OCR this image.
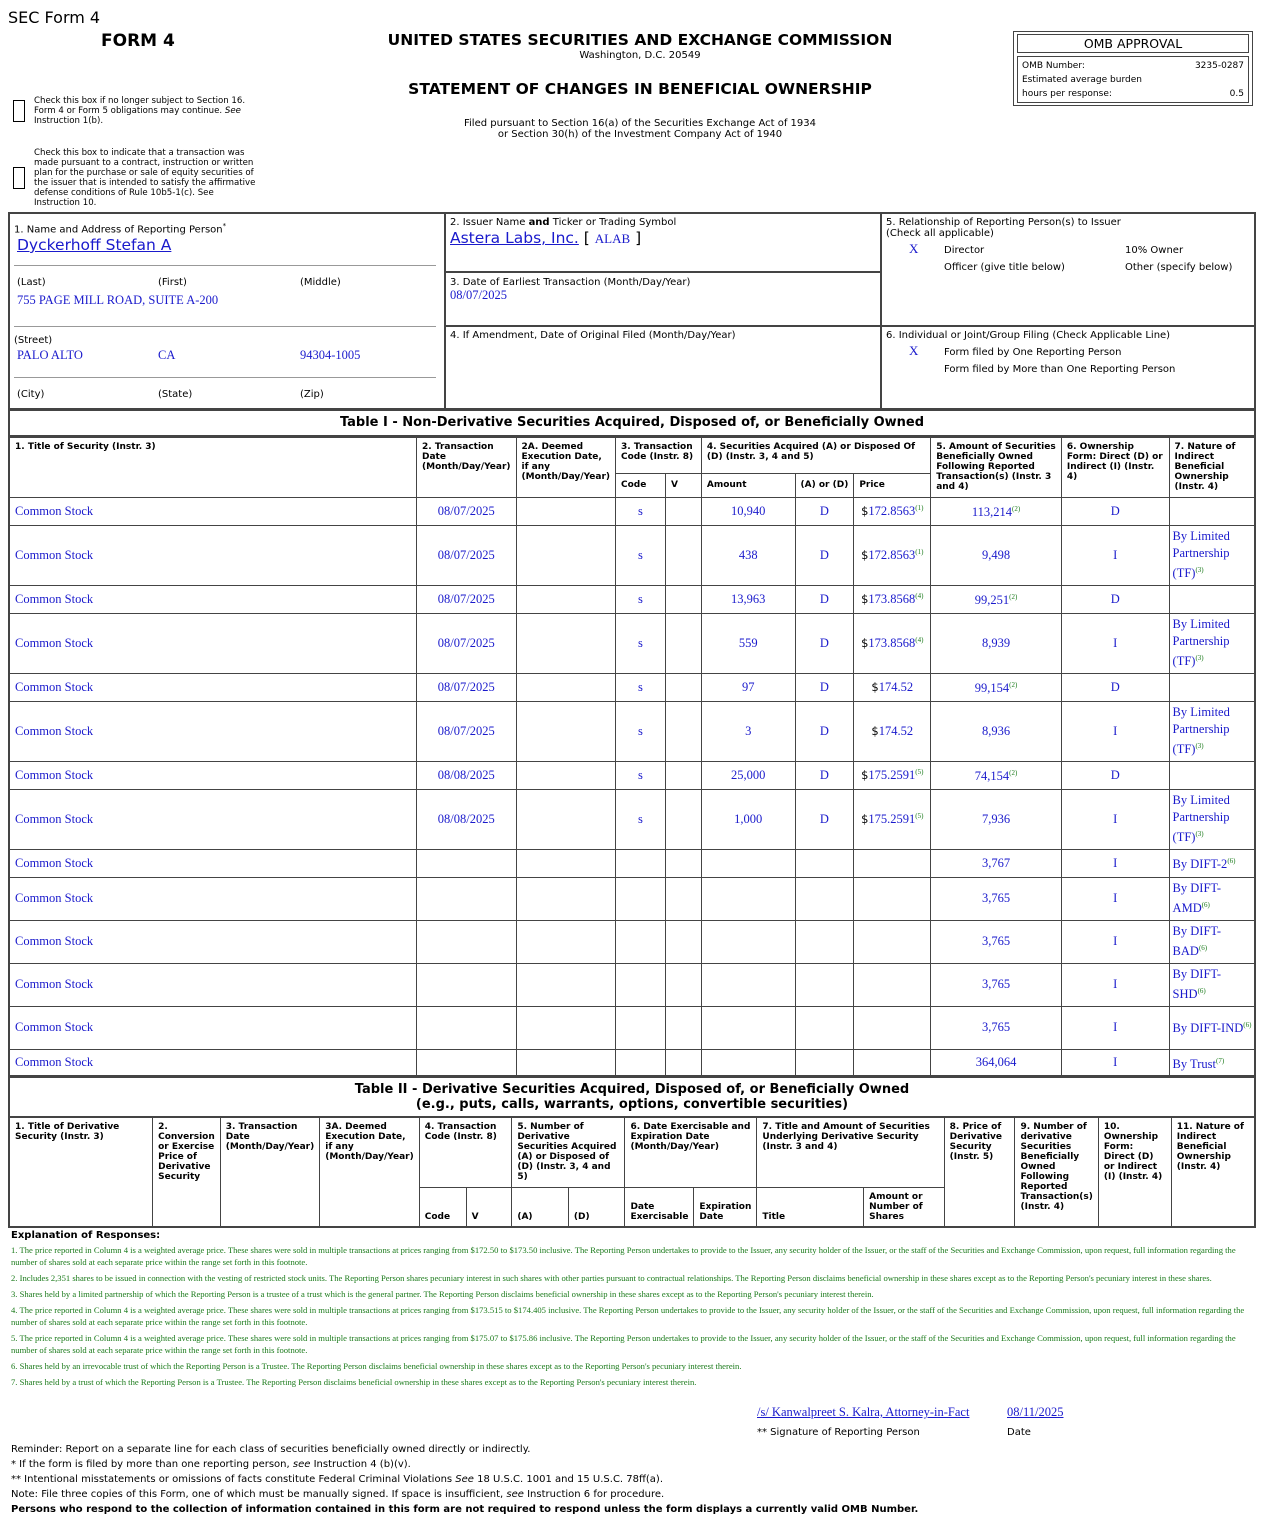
SEC Form 4
FORM 4	UNITED STATES SECURITIES AND EXCHANGE COMMISSION
Washington, D.C. 20549
STATEMENT OF CHANGES IN BENEFICIAL OWNERSHIP
Filed pursuant to Section 16(a) of the Securities Exchange Act of 1934
or Section 30(h) of the Investment Company Act of 1940
OMB APPROVAL
OMB Number:	3235-0287
Estimated average burden
hours per response:	0.5
Check this box if no longer subject to Section 16.
Form 4 or Form 5 obligations may continue. See
Instruction 1(b).
Check this box to indicate that a transaction was
made pursuant to a contract, instruction or written
plan for the purchase or sale of equity securities of
the issuer that is intended to satisfy the affirmative
defense conditions of Rule 10b5-1(c). See
Instruction 10.
1. Name and Address of Reporting Person*
Dyckerhoff Stefan A
(Last)	(First)	(Middle)
755 PAGE MILL ROAD, SUITE A-200
(Street)
PALO ALTO	CA	94304-1005
(City)	(State)	(Zip)
2. Issuer Name and Ticker or Trading Symbol
Astera Labs, Inc. [ ALAB ]
3. Date of Earliest Transaction (Month/Day/Year)
08/07/2025
4. If Amendment, Date of Original Filed (Month/Day/Year)
5. Relationship of Reporting Person(s) to Issuer
(Check all applicable)
X	Director	10% Owner
Officer (give title below)	Other (specify below)
6. Individual or Joint/Group Filing (Check Applicable Line)
X	Form filed by One Reporting Person
Form filed by More than One Reporting Person
Table I - Non-Derivative Securities Acquired, Disposed of, or Beneficially Owned
1. Title of Security (Instr. 3)	2. Transaction Date (Month/Day/Year)	2A. Deemed Execution Date, if any (Month/Day/Year)	3. Transaction Code (Instr. 8)		4. Securities Acquired (A) or Disposed Of (D) (Instr. 3, 4 and 5)			5. Amount of Securities Beneficially Owned Following Reported Transaction(s) (Instr. 3 and 4)	6. Ownership Form: Direct (D) or Indirect (I) (Instr. 4)	7. Nature of Indirect Beneficial Ownership (Instr. 4)
			Code	V	Amount	(A) or (D)	Price			
Common Stock	08/07/2025		s		10,940	D	$172.8563$^{(1)}$	113,214$^{(2)}$	D	
Common Stock	08/07/2025		s		438	D	$172.8563$^{(1)}$	9,498	I	By Limited Partnership (TF)$^{(3)}$
Common Stock	08/07/2025		s		13,963	D	$173.8568$^{(4)}$	99,251$^{(2)}$	D	
Common Stock	08/07/2025		s		559	D	$173.8568$^{(4)}$	8,939	I	By Limited Partnership (TF)$^{(3)}$
Common Stock	08/07/2025		s		97	D	$174.52	99,154$^{(2)}$	D	
Common Stock	08/07/2025		s		3	D	$174.52	8,936	I	By Limited Partnership (TF)$^{(3)}$
Common Stock	08/08/2025		s		25,000	D	$175.2591$^{(5)}$	74,154$^{(2)}$	D	
Common Stock	08/08/2025		s		1,000	D	$175.2591$^{(5)}$	7,936	I	By Limited Partnership (TF)$^{(3)}$
Common Stock								3,767	I	By DIFT-2$^{(6)}$
Common Stock								3,765	I	By DIFT-AMD$^{(6)}$
Common Stock								3,765	I	By DIFT-BAD$^{(6)}$
Common Stock								3,765	I	By DIFT-SHD$^{(6)}$
Common Stock								3,765	I	By DIFT-IND$^{(6)}$
Common Stock								364,064	I	By Trust$^{(7)}$
Table II - Derivative Securities Acquired, Disposed of, or Beneficially Owned
(e.g., puts, calls, warrants, options, convertible securities)
1. Title of Derivative Security (Instr. 3)	2. Conversion or Exercise Price of Derivative Security	3. Transaction Date (Month/Day/Year)	3A. Deemed Execution Date, if any (Month/Day/Year)	4. Transaction Code (Instr. 8)		5. Number of Derivative Securities Acquired (A) or Disposed of (D) (Instr. 3, 4 and 5)		6. Date Exercisable and Expiration Date (Month/Day/Year)		7. Title and Amount of Securities Underlying Derivative Security (Instr. 3 and 4)		8. Price of Derivative Security (Instr. 5)	9. Number of derivative Securities Beneficially Owned Following Reported Transaction(s) (Instr. 4)	10. Ownership Form: Direct (D) or Indirect (I) (Instr. 4)	11. Nature of Indirect Beneficial Ownership (Instr. 4)
				Code	V	(A)	(D)	Date Exercisable	Expiration Date	Title	Amount or Number of Shares				
Explanation of Responses:
1. The price reported in Column 4 is a weighted average price. These shares were sold in multiple transactions at prices ranging from $172.50 to $173.50 inclusive. The Reporting Person undertakes to provide to the Issuer, any security holder of the Issuer, or the staff of the Securities and Exchange Commission, upon request, full information regarding the number of shares sold at each separate price within the range set forth in this footnote.
2. Includes 2,351 shares to be issued in connection with the vesting of restricted stock units. The Reporting Person shares pecuniary interest in such shares with other parties pursuant to contractual relationships. The Reporting Person disclaims beneficial ownership in these shares except as to the Reporting Person's pecuniary interest in these shares.
3. Shares held by a limited partnership of which the Reporting Person is a trustee of a trust which is the general partner. The Reporting Person disclaims beneficial ownership in these shares except as to the Reporting Person's pecuniary interest therein.
4. The price reported in Column 4 is a weighted average price. These shares were sold in multiple transactions at prices ranging from $173.515 to $174.405 inclusive. The Reporting Person undertakes to provide to the Issuer, any security holder of the Issuer, or the staff of the Securities and Exchange Commission, upon request, full information regarding the number of shares sold at each separate price within the range set forth in this footnote.
5. The price reported in Column 4 is a weighted average price. These shares were sold in multiple transactions at prices ranging from $175.07 to $175.86 inclusive. The Reporting Person undertakes to provide to the Issuer, any security holder of the Issuer, or the staff of the Securities and Exchange Commission, upon request, full information regarding the number of shares sold at each separate price within the range set forth in this footnote.
6. Shares held by an irrevocable trust of which the Reporting Person is a Trustee. The Reporting Person disclaims beneficial ownership in these shares except as to the Reporting Person's pecuniary interest therein.
7. Shares held by a trust of which the Reporting Person is a Trustee. The Reporting Person disclaims beneficial ownership in these shares except as to the Reporting Person's pecuniary interest therein.
/s/ Kanwalpreet S. Kalra, Attorney-in-Fact	08/11/2025
** Signature of Reporting Person	Date
Reminder: Report on a separate line for each class of securities beneficially owned directly or indirectly.
* If the form is filed by more than one reporting person, see Instruction 4 (b)(v).
** Intentional misstatements or omissions of facts constitute Federal Criminal Violations See 18 U.S.C. 1001 and 15 U.S.C. 78ff(a).
Note: File three copies of this Form, one of which must be manually signed. If space is insufficient, see Instruction 6 for procedure.
Persons who respond to the collection of information contained in this form are not required to respond unless the form displays a currently valid OMB Number.
